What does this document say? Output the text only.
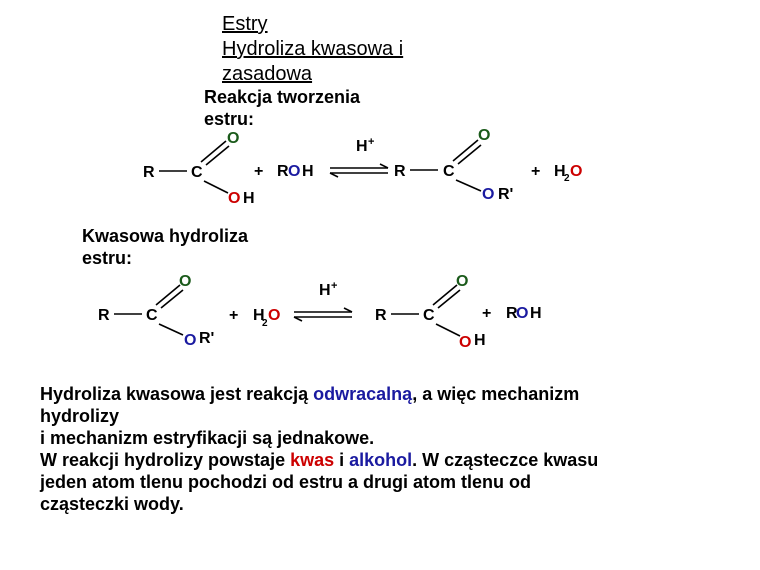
Estry
Hydroliza kwasowa i
zasadowa
Reakcja tworzenia
estru:
Kwasowa hydroliza
estru:
R C
O
O H
+ R O H
H +
R C
O
O R'
+ H
2 O
R C
O
O R'
+ H
2 O
H +
R C
O
O H
+ R
O H
Hydroliza kwasowa jest reakcją odwracalną, a więc mechanizm
hydrolizy
i mechanizm estryfikacji są jednakowe.
W reakcji hydrolizy powstaje kwas i alkohol. W cząsteczce kwasu
jeden atom tlenu pochodzi od estru a drugi atom tlenu od
cząsteczki wody.
